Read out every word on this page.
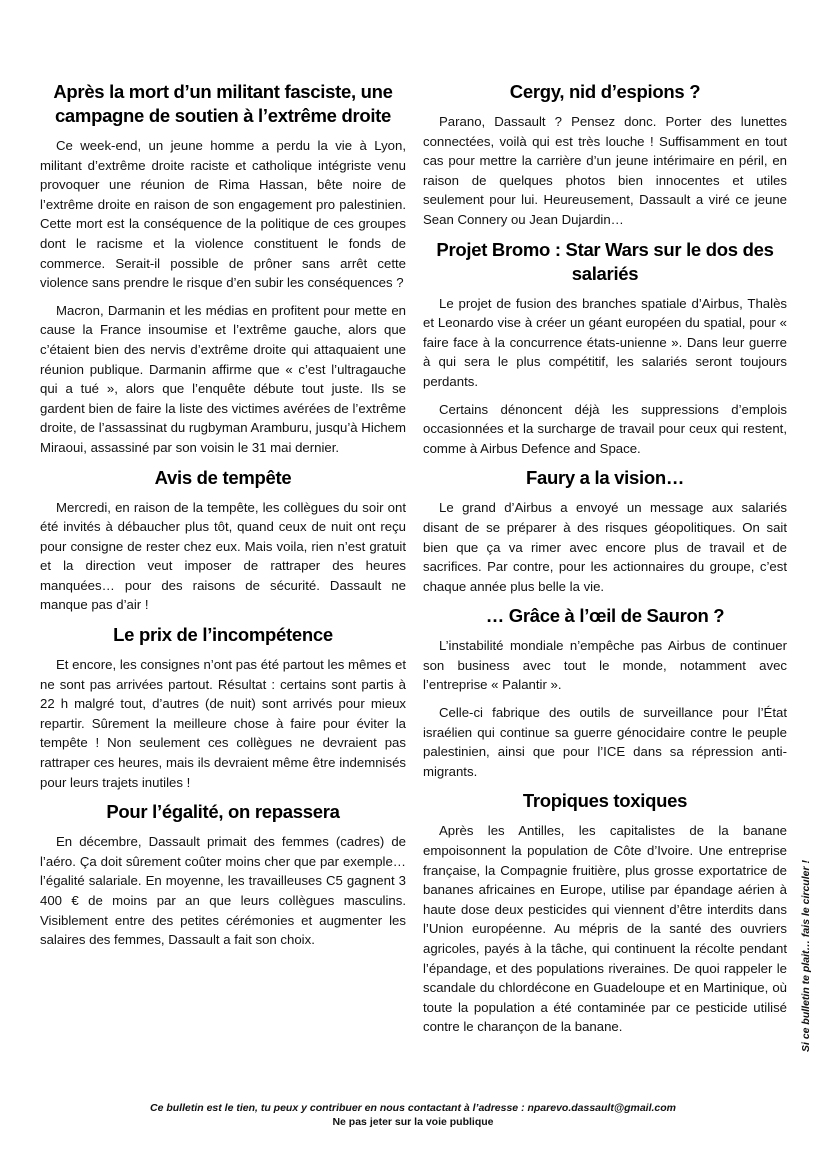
Après la mort d’un militant fasciste, une campagne de soutien à l’extrême droite

Ce week-end, un jeune homme a perdu la vie à Lyon, militant d’extrême droite raciste et catholique intégriste venu provoquer une réunion de Rima Hassan, bête noire de l’extrême droite en raison de son engagement pro palestinien. Cette mort est la conséquence de la politique de ces groupes dont le racisme et la violence constituent le fonds de commerce. Serait-il possible de prôner sans arrêt cette violence sans prendre le risque d’en subir les conséquences ?

Macron, Darmanin et les médias en profitent pour mette en cause la France insoumise et l’extrême gauche, alors que c’étaient bien des nervis d’extrême droite qui attaquaient une réunion publique. Darmanin affirme que « c’est l’ultragauche qui a tué », alors que l’enquête débute tout juste. Ils se gardent bien de faire la liste des victimes avérées de l’extrême droite, de l’assassinat du rugbyman Aramburu, jusqu’à Hichem Miraoui, assassiné par son voisin le 31 mai dernier.

Avis de tempête

Mercredi, en raison de la tempête, les collègues du soir ont été invités à débaucher plus tôt, quand ceux de nuit ont reçu pour consigne de rester chez eux. Mais voila, rien n’est gratuit et la direction veut imposer de rattraper des heures manquées… pour des raisons de sécurité. Dassault ne manque pas d’air !

Le prix de l’incompétence

Et encore, les consignes n’ont pas été partout les mêmes et ne sont pas arrivées partout. Résultat : certains sont partis à 22 h malgré tout, d’autres (de nuit) sont arrivés pour mieux repartir. Sûrement la meilleure chose à faire pour éviter la tempête ! Non seulement ces collègues ne devraient pas rattraper ces heures, mais ils devraient même être indemnisés pour leurs trajets inutiles !

Pour l’égalité, on repassera

En décembre, Dassault primait des femmes (cadres) de l’aéro. Ça doit sûrement coûter moins cher que par exemple… l’égalité salariale. En moyenne, les travailleuses C5 gagnent 3 400 € de moins par an que leurs collègues masculins. Visiblement entre des petites cérémonies et augmenter les salaires des femmes, Dassault a fait son choix.

Cergy, nid d’espions ?

Parano, Dassault ? Pensez donc. Porter des lunettes connectées, voilà qui est très louche ! Suffisamment en tout cas pour mettre la carrière d’un jeune intérimaire en péril, en raison de quelques photos bien innocentes et utiles seulement pour lui. Heureusement, Dassault a viré ce jeune Sean Connery ou Jean Dujardin…

Projet Bromo : Star Wars sur le dos des salariés

Le projet de fusion des branches spatiale d’Airbus, Thalès et Leonardo vise à créer un géant européen du spatial, pour « faire face à la concurrence états-unienne ». Dans leur guerre à qui sera le plus compétitif, les salariés seront toujours perdants.

Certains dénoncent déjà les suppressions d’emplois occasionnées et la surcharge de travail pour ceux qui restent, comme à Airbus Defence and Space.

Faury a la vision…

Le grand d’Airbus a envoyé un message aux salariés disant de se préparer à des risques géopolitiques. On sait bien que ça va rimer avec encore plus de travail et de sacrifices. Par contre, pour les actionnaires du groupe, c’est chaque année plus belle la vie.

… Grâce à l’œil de Sauron ?

L’instabilité mondiale n’empêche pas Airbus de continuer son business avec tout le monde, notamment avec l’entreprise « Palantir ».

Celle-ci fabrique des outils de surveillance pour l’État israélien qui continue sa guerre génocidaire contre le peuple palestinien, ainsi que pour l’ICE dans sa répression anti-migrants.

Tropiques toxiques

Après les Antilles, les capitalistes de la banane empoisonnent la population de Côte d’Ivoire. Une entreprise française, la Compagnie fruitière, plus grosse exportatrice de bananes africaines en Europe, utilise par épandage aérien à haute dose deux pesticides qui viennent d’être interdits dans l’Union européenne. Au mépris de la santé des ouvriers agricoles, payés à la tâche, qui continuent la récolte pendant l’épandage, et des populations riveraines. De quoi rappeler le scandale du chlordécone en Guadeloupe et en Martinique, où toute la population a été contaminée par ce pesticide utilisé contre le charançon de la banane.	Si ce bulletin te plait… fais le circuler !
Ce bulletin est le tien, tu peux y contribuer en nous contactant à l’adresse : nparevo.dassault@gmail.com
Ne pas jeter sur la voie publique
